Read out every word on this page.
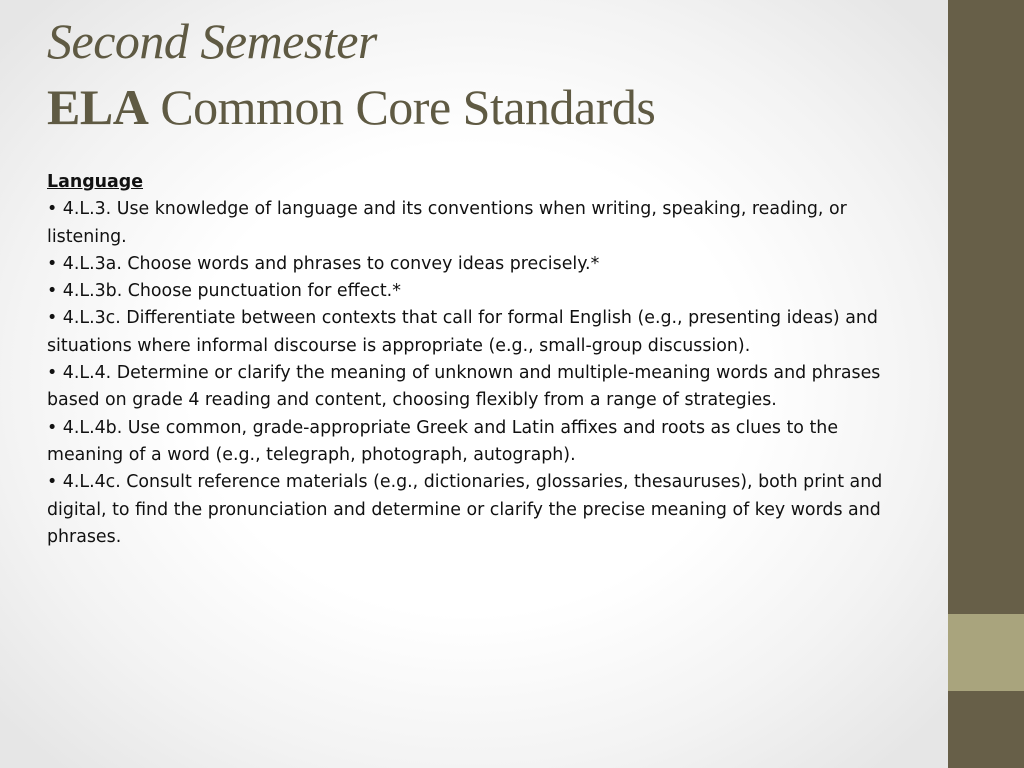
Second Semester
ELA Common Core Standards
Language

• 4.L.3. Use knowledge of language and its conventions when writing, speaking, reading, or listening.

• 4.L.3a. Choose words and phrases to convey ideas precisely.*

• 4.L.3b. Choose punctuation for effect.*

• 4.L.3c. Differentiate between contexts that call for formal English (e.g., presenting ideas) and situations where informal discourse is appropriate (e.g., small-group discussion).

• 4.L.4. Determine or clarify the meaning of unknown and multiple-meaning words and phrases based on grade 4 reading and content, choosing flexibly from a range of strategies.

• 4.L.4b. Use common, grade-appropriate Greek and Latin affixes and roots as clues to the meaning of a word (e.g., telegraph, photograph, autograph).

• 4.L.4c. Consult reference materials (e.g., dictionaries, glossaries, thesauruses), both print and digital, to find the pronunciation and determine or clarify the precise meaning of key words and phrases.
